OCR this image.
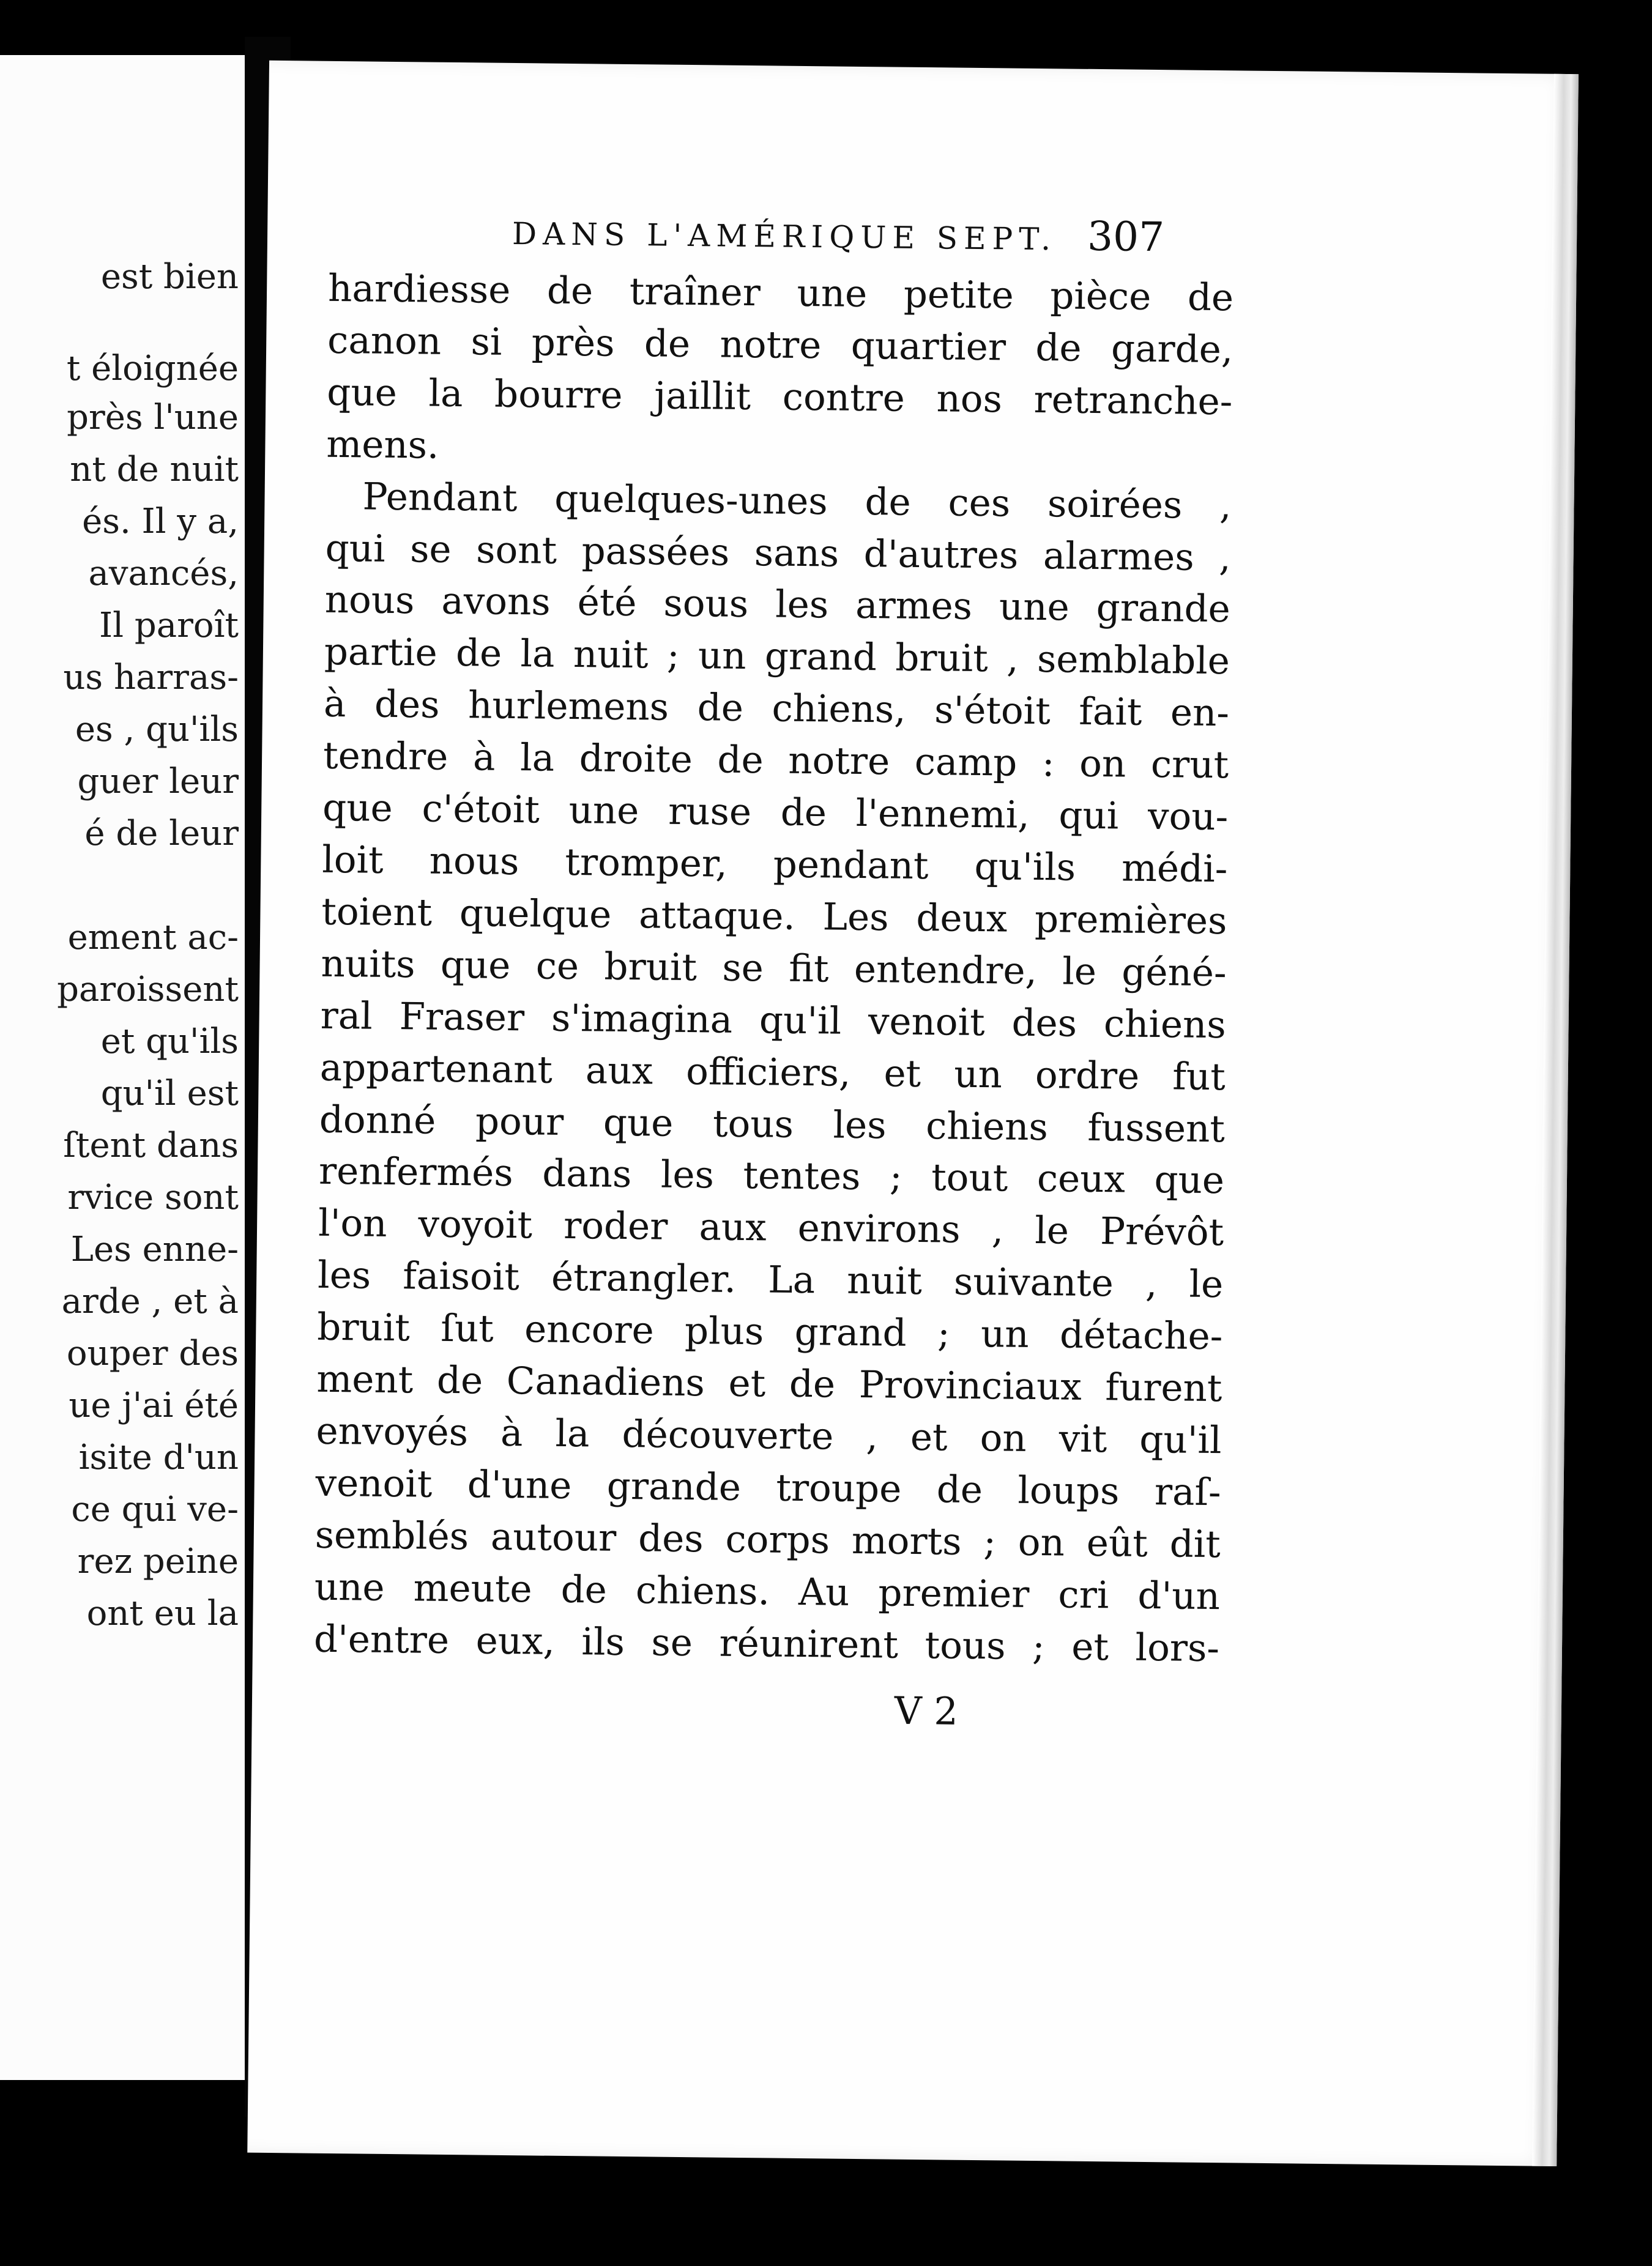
est bien
t éloignée
près l'une
nt de nuit
és. Il y a,
avancés,
Il paroît
us harras-
es , qu'ils
guer leur
é de leur
ement ac-
paroissent
et qu'ils
qu'il est
ſtent dans
rvice sont
Les enne-
arde , et à
ouper des
ue j'ai été
isite d'un
ce qui ve-
rez peine
ont eu la
DANS L'AMÉRIQUE SEPT. 307
hardiesse de traîner une petite pièce de
canon si près de notre quartier de garde,
que la bourre jaillit contre nos retranche-
mens.
Pendant quelques-unes de ces soirées ,
qui se sont passées sans d'autres alarmes ,
nous avons été sous les armes une grande
partie de la nuit ; un grand bruit , semblable
à des hurlemens de chiens, s'étoit fait en-
tendre à la droite de notre camp : on crut
que c'étoit une ruse de l'ennemi, qui vou-
loit nous tromper, pendant qu'ils médi-
toient quelque attaque. Les deux premières
nuits que ce bruit se fit entendre, le géné-
ral Fraser s'imagina qu'il venoit des chiens
appartenant aux officiers, et un ordre fut
donné pour que tous les chiens fussent
renfermés dans les tentes ; tout ceux que
l'on voyoit roder aux environs , le Prévôt
les faisoit étrangler. La nuit suivante , le
bruit ſut encore plus grand ; un détache-
ment de Canadiens et de Provinciaux furent
envoyés à la découverte , et on vit qu'il
venoit d'une grande troupe de loups raſ-
semblés autour des corps morts ; on eût dit
une meute de chiens. Au premier cri d'un
d'entre eux, ils se réunirent tous ; et lors-
V 2
